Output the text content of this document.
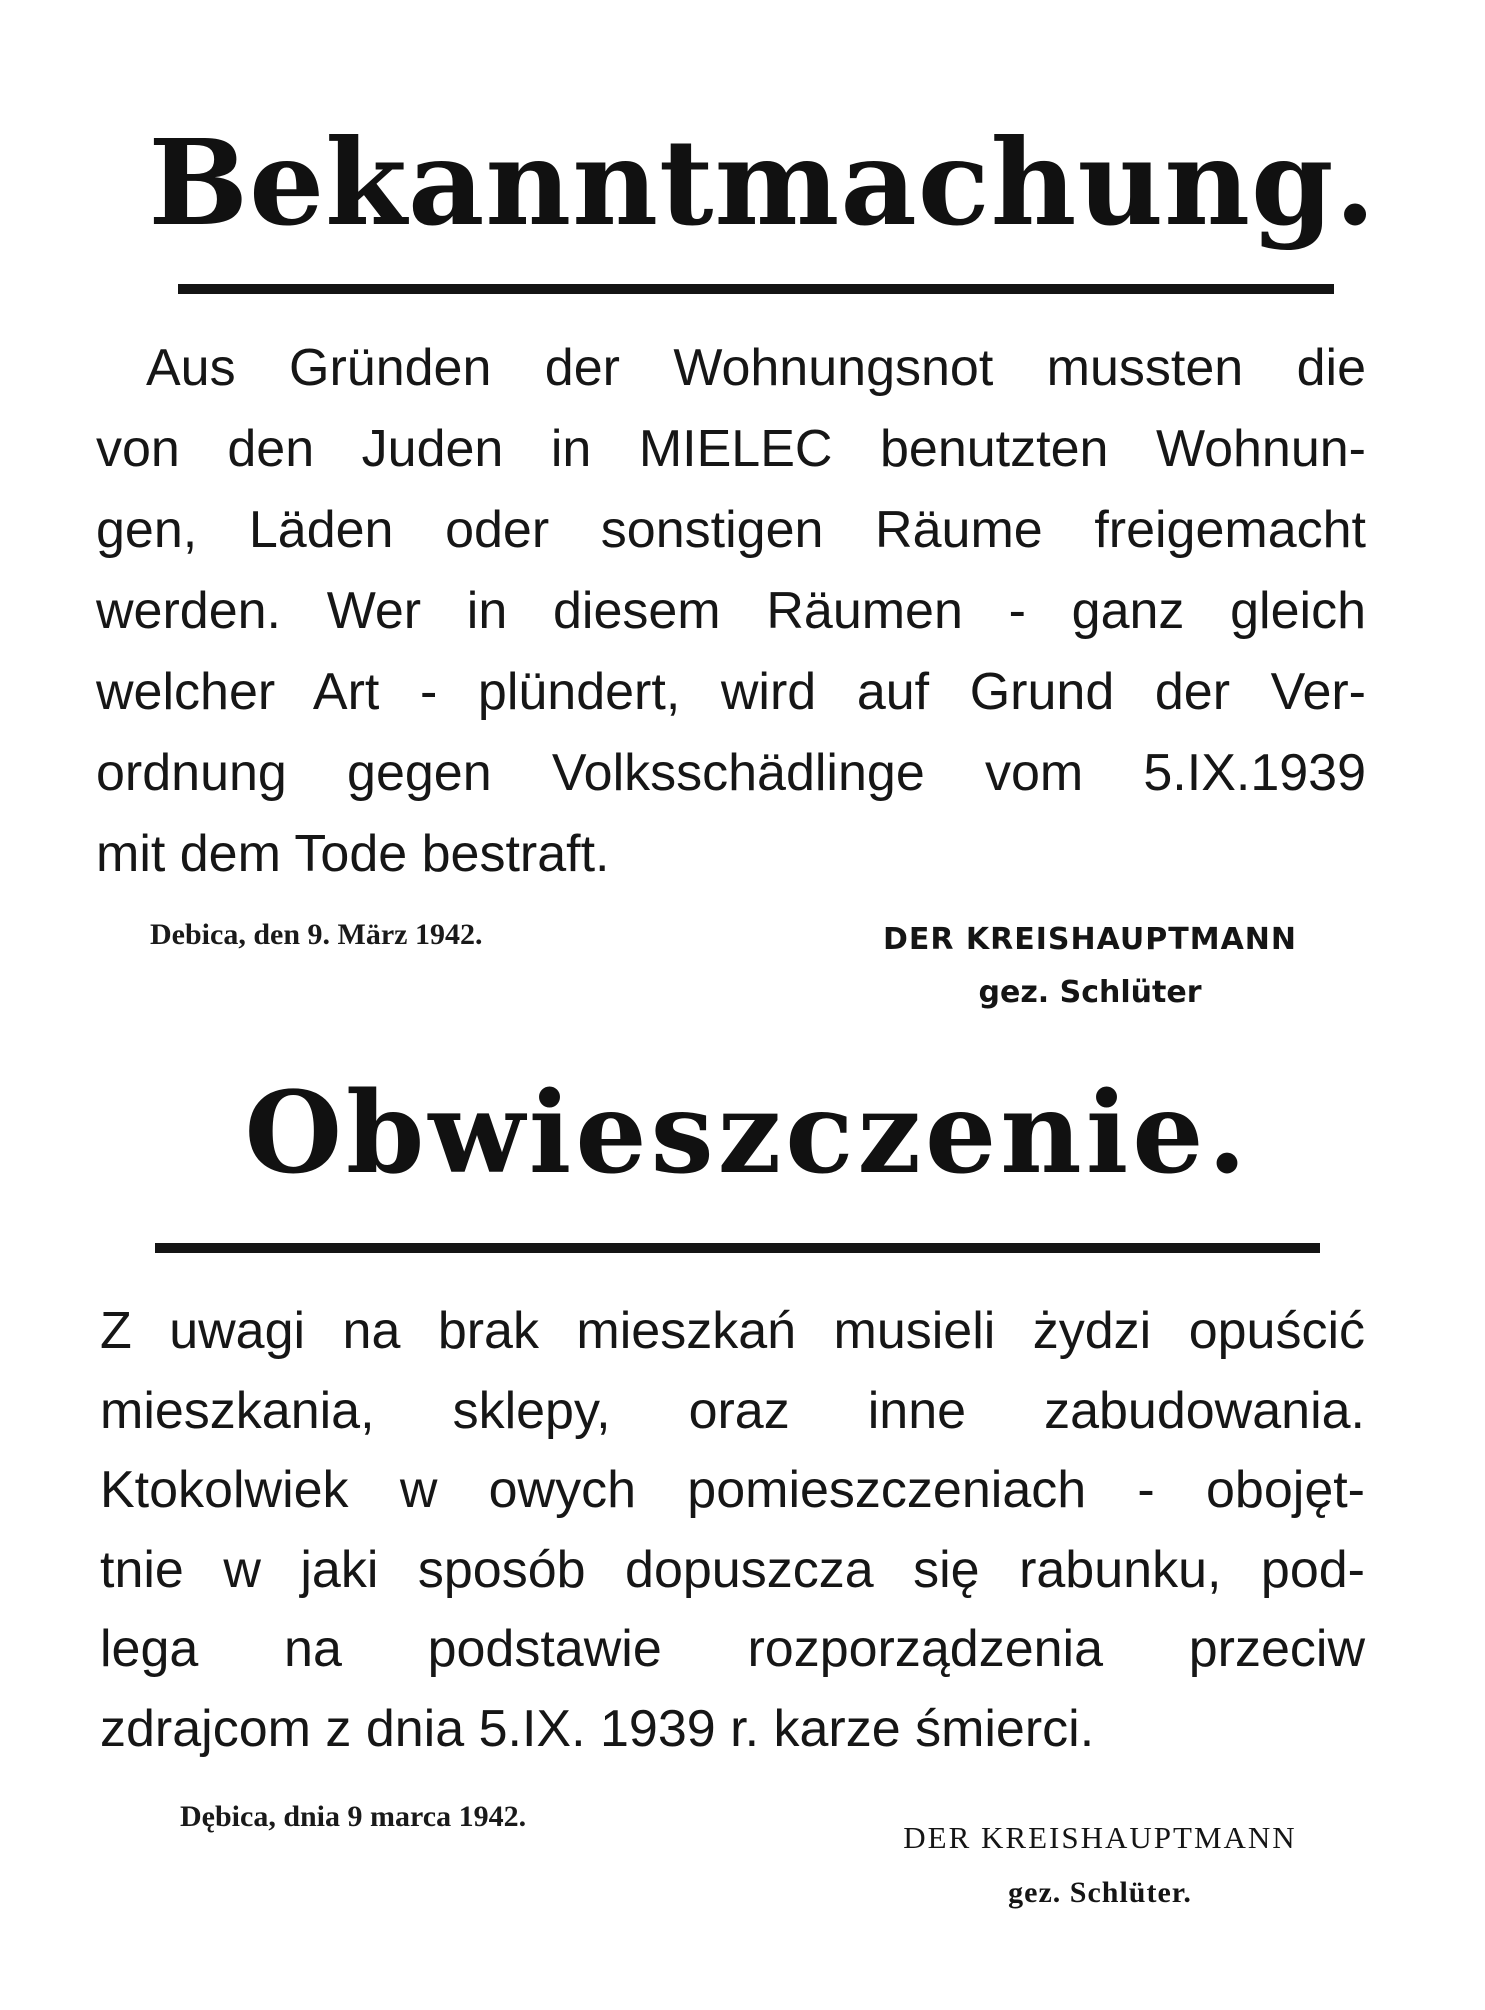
Bekanntmachung.
Aus Gründen der Wohnungsnot mussten die
von den Juden in MIELEC benutzten Wohnun-
gen, Läden oder sonstigen Räume freigemacht
werden. Wer in diesem Räumen - ganz gleich
welcher Art - plündert, wird auf Grund der Ver-
ordnung gegen Volksschädlinge vom 5.IX.1939
mit dem Tode bestraft.
Debica, den 9. März 1942.	DER KREISHAUPTMANN
gez. Schlüter
Obwieszczenie.
Z uwagi na brak mieszkań musieli żydzi opuścić
mieszkania, sklepy, oraz inne zabudowania.
Ktokolwiek w owych pomieszczeniach - obojęt-
tnie w jaki sposób dopuszcza się rabunku, pod-
lega na podstawie rozporządzenia przeciw
zdrajcom z dnia 5.IX. 1939 r. karze śmierci.
Dębica, dnia 9 marca 1942.
DER KREISHAUPTMANN
gez. Schlüter.
